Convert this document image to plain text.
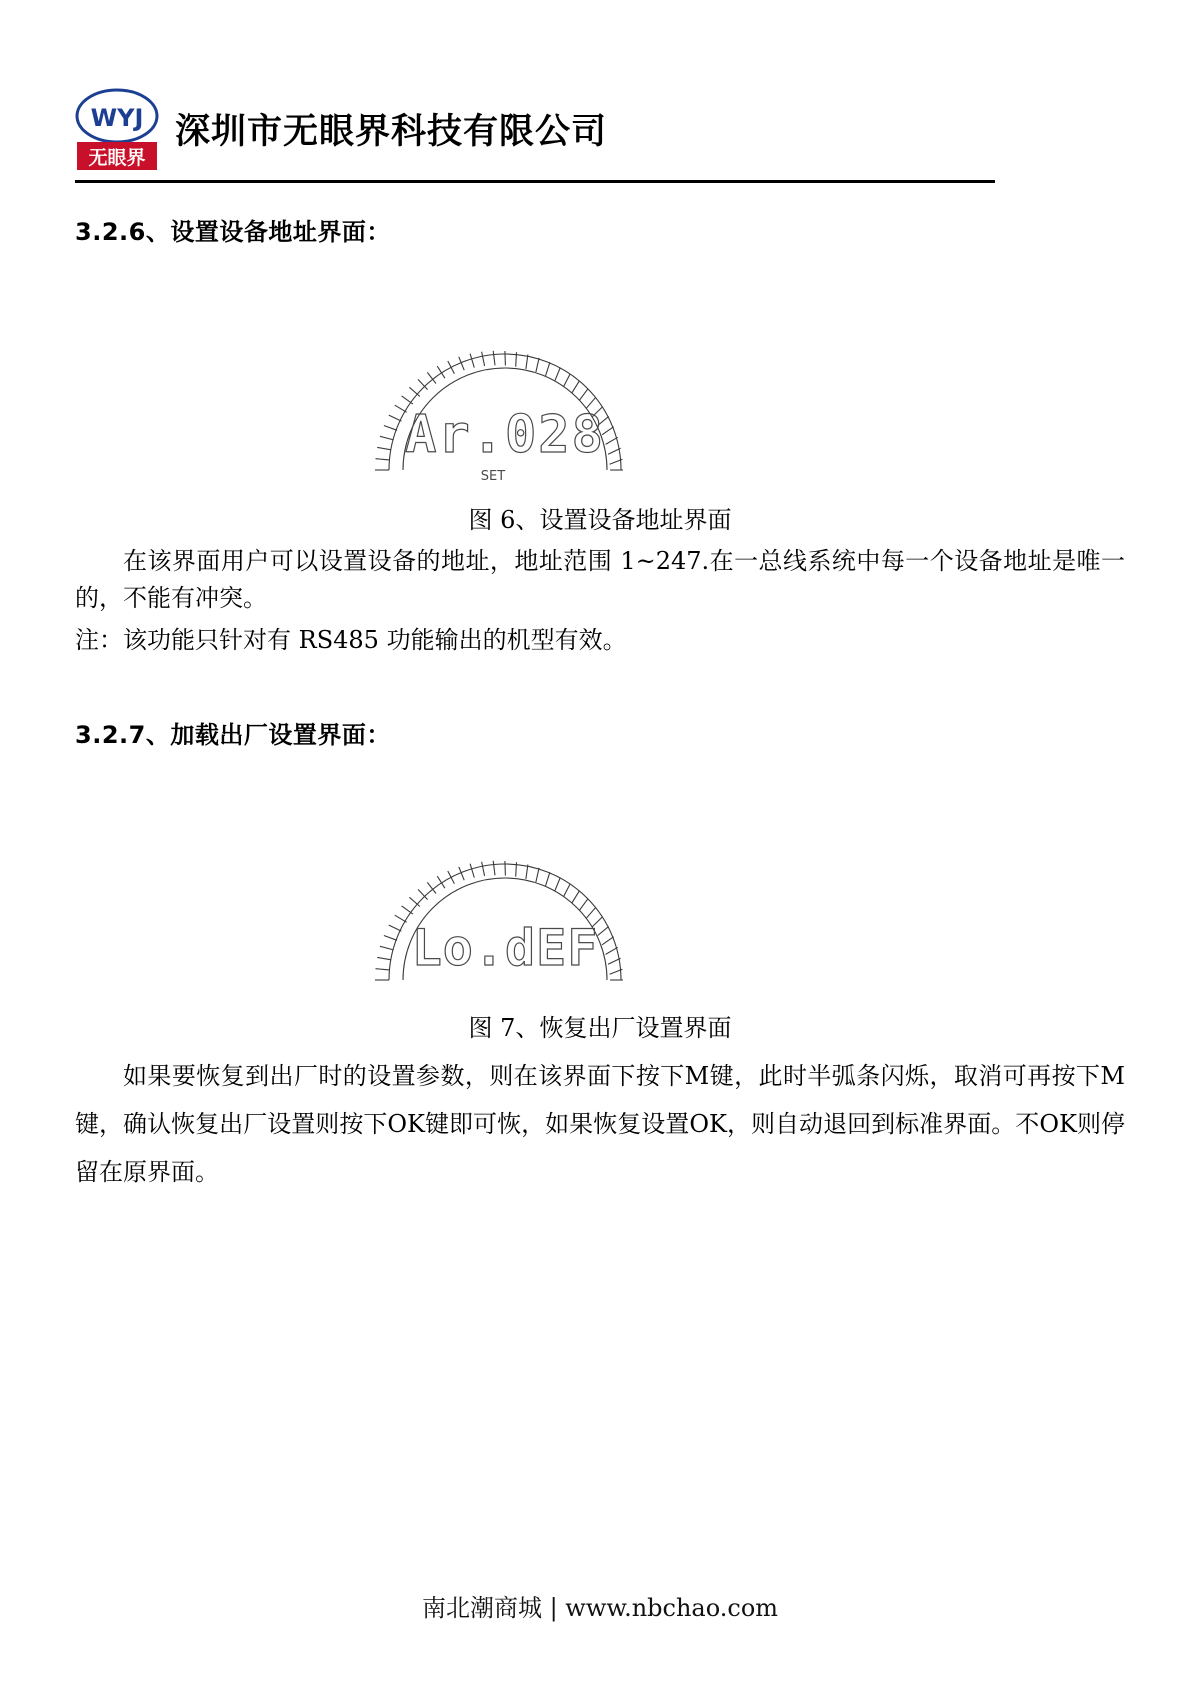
WYJ
无眼界
深圳市无眼界科技有限公司
3.2.6、设置设备地址界面：
Ar.028
SET
图 6、设置设备地址界面
在该界面用户可以设置设备的地址，地址范围 1~247.在一总线系统中每一个设备地址是唯一的，不能有冲突。
注：该功能只针对有 RS485 功能输出的机型有效。
3.2.7、加载出厂设置界面：
Lo.dEF
图 7、恢复出厂设置界面
如果要恢复到出厂时的设置参数，则在该界面下按下M键，此时半弧条闪烁，取消可再按下M键，确认恢复出厂设置则按下OK键即可恢，如果恢复设置OK，则自动退回到标准界面。不OK则停留在原界面。
南北潮商城 | www.nbchao.com
